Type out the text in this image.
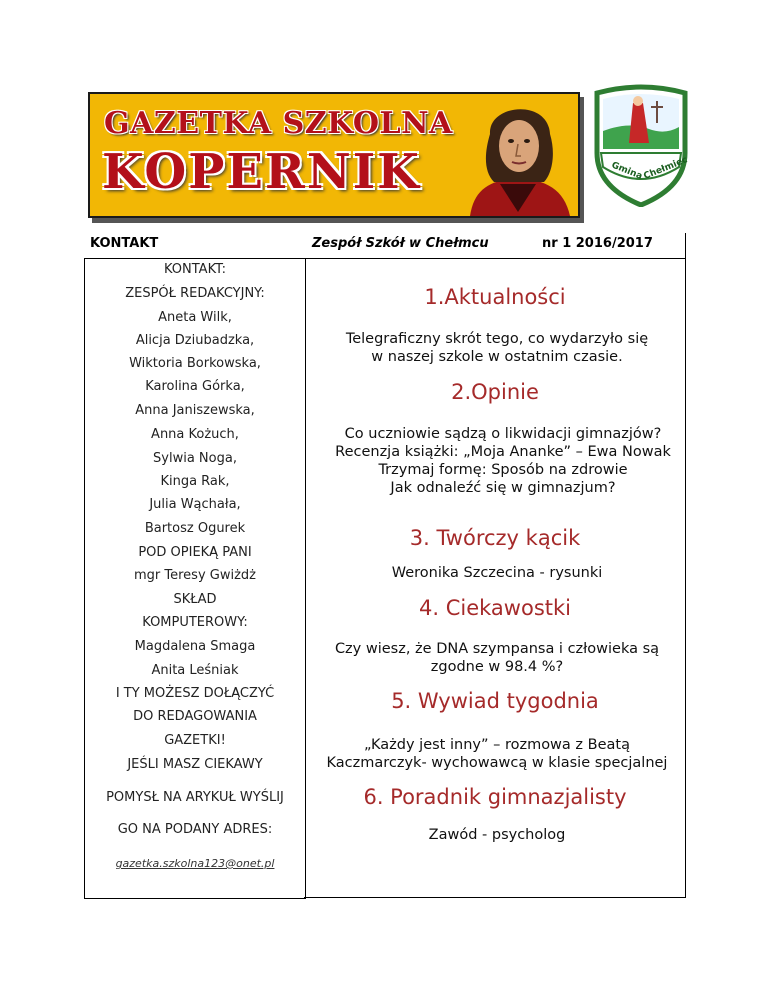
GAZETKA SZKOLNA
KOPERNIK	Gmina
Chełmiec
KONTAKT	Zespół Szkół w Chełmcu	nr 1 2016/2017
KONTAKT:
ZESPÓŁ REDAKCYJNY:
Aneta Wilk,
Alicja Dziubadzka,
Wiktoria Borkowska,
Karolina Górka,
Anna Janiszewska,
Anna Kożuch,
Sylwia Noga,
Kinga Rak,
Julia Wąchała,
Bartosz Ogurek
POD OPIEKĄ PANI
mgr Teresy Gwiżdż
SKŁAD
KOMPUTEROWY:
Magdalena Smaga
Anita Leśniak
I TY MOŻESZ DOŁĄCZYĆ
DO REDAGOWANIA
GAZETKI!
JEŚLI MASZ CIEKAWY
POMYSŁ NA ARYKUŁ WYŚLIJ
GO NA PODANY ADRES:
gazetka.szkolna123@onet.pl
1.Aktualności
Telegraficzny skrót tego, co wydarzyło się
w naszej szkole w ostatnim czasie.
2.Opinie
Co uczniowie sądzą o likwidacji gimnazjów?
Recenzja książki: „Moja Ananke” – Ewa Nowak
Trzymaj formę: Sposób na zdrowie
Jak odnaleźć się w gimnazjum?
3. Twórczy kącik
Weronika Szczecina - rysunki
4. Ciekawostki
Czy wiesz, że DNA szympansa i człowieka są
zgodne w 98.4 %?
5. Wywiad tygodnia
„Każdy jest inny” – rozmowa z Beatą
Kaczmarczyk- wychowawcą w klasie specjalnej
6. Poradnik gimnazjalisty
Zawód - psycholog
